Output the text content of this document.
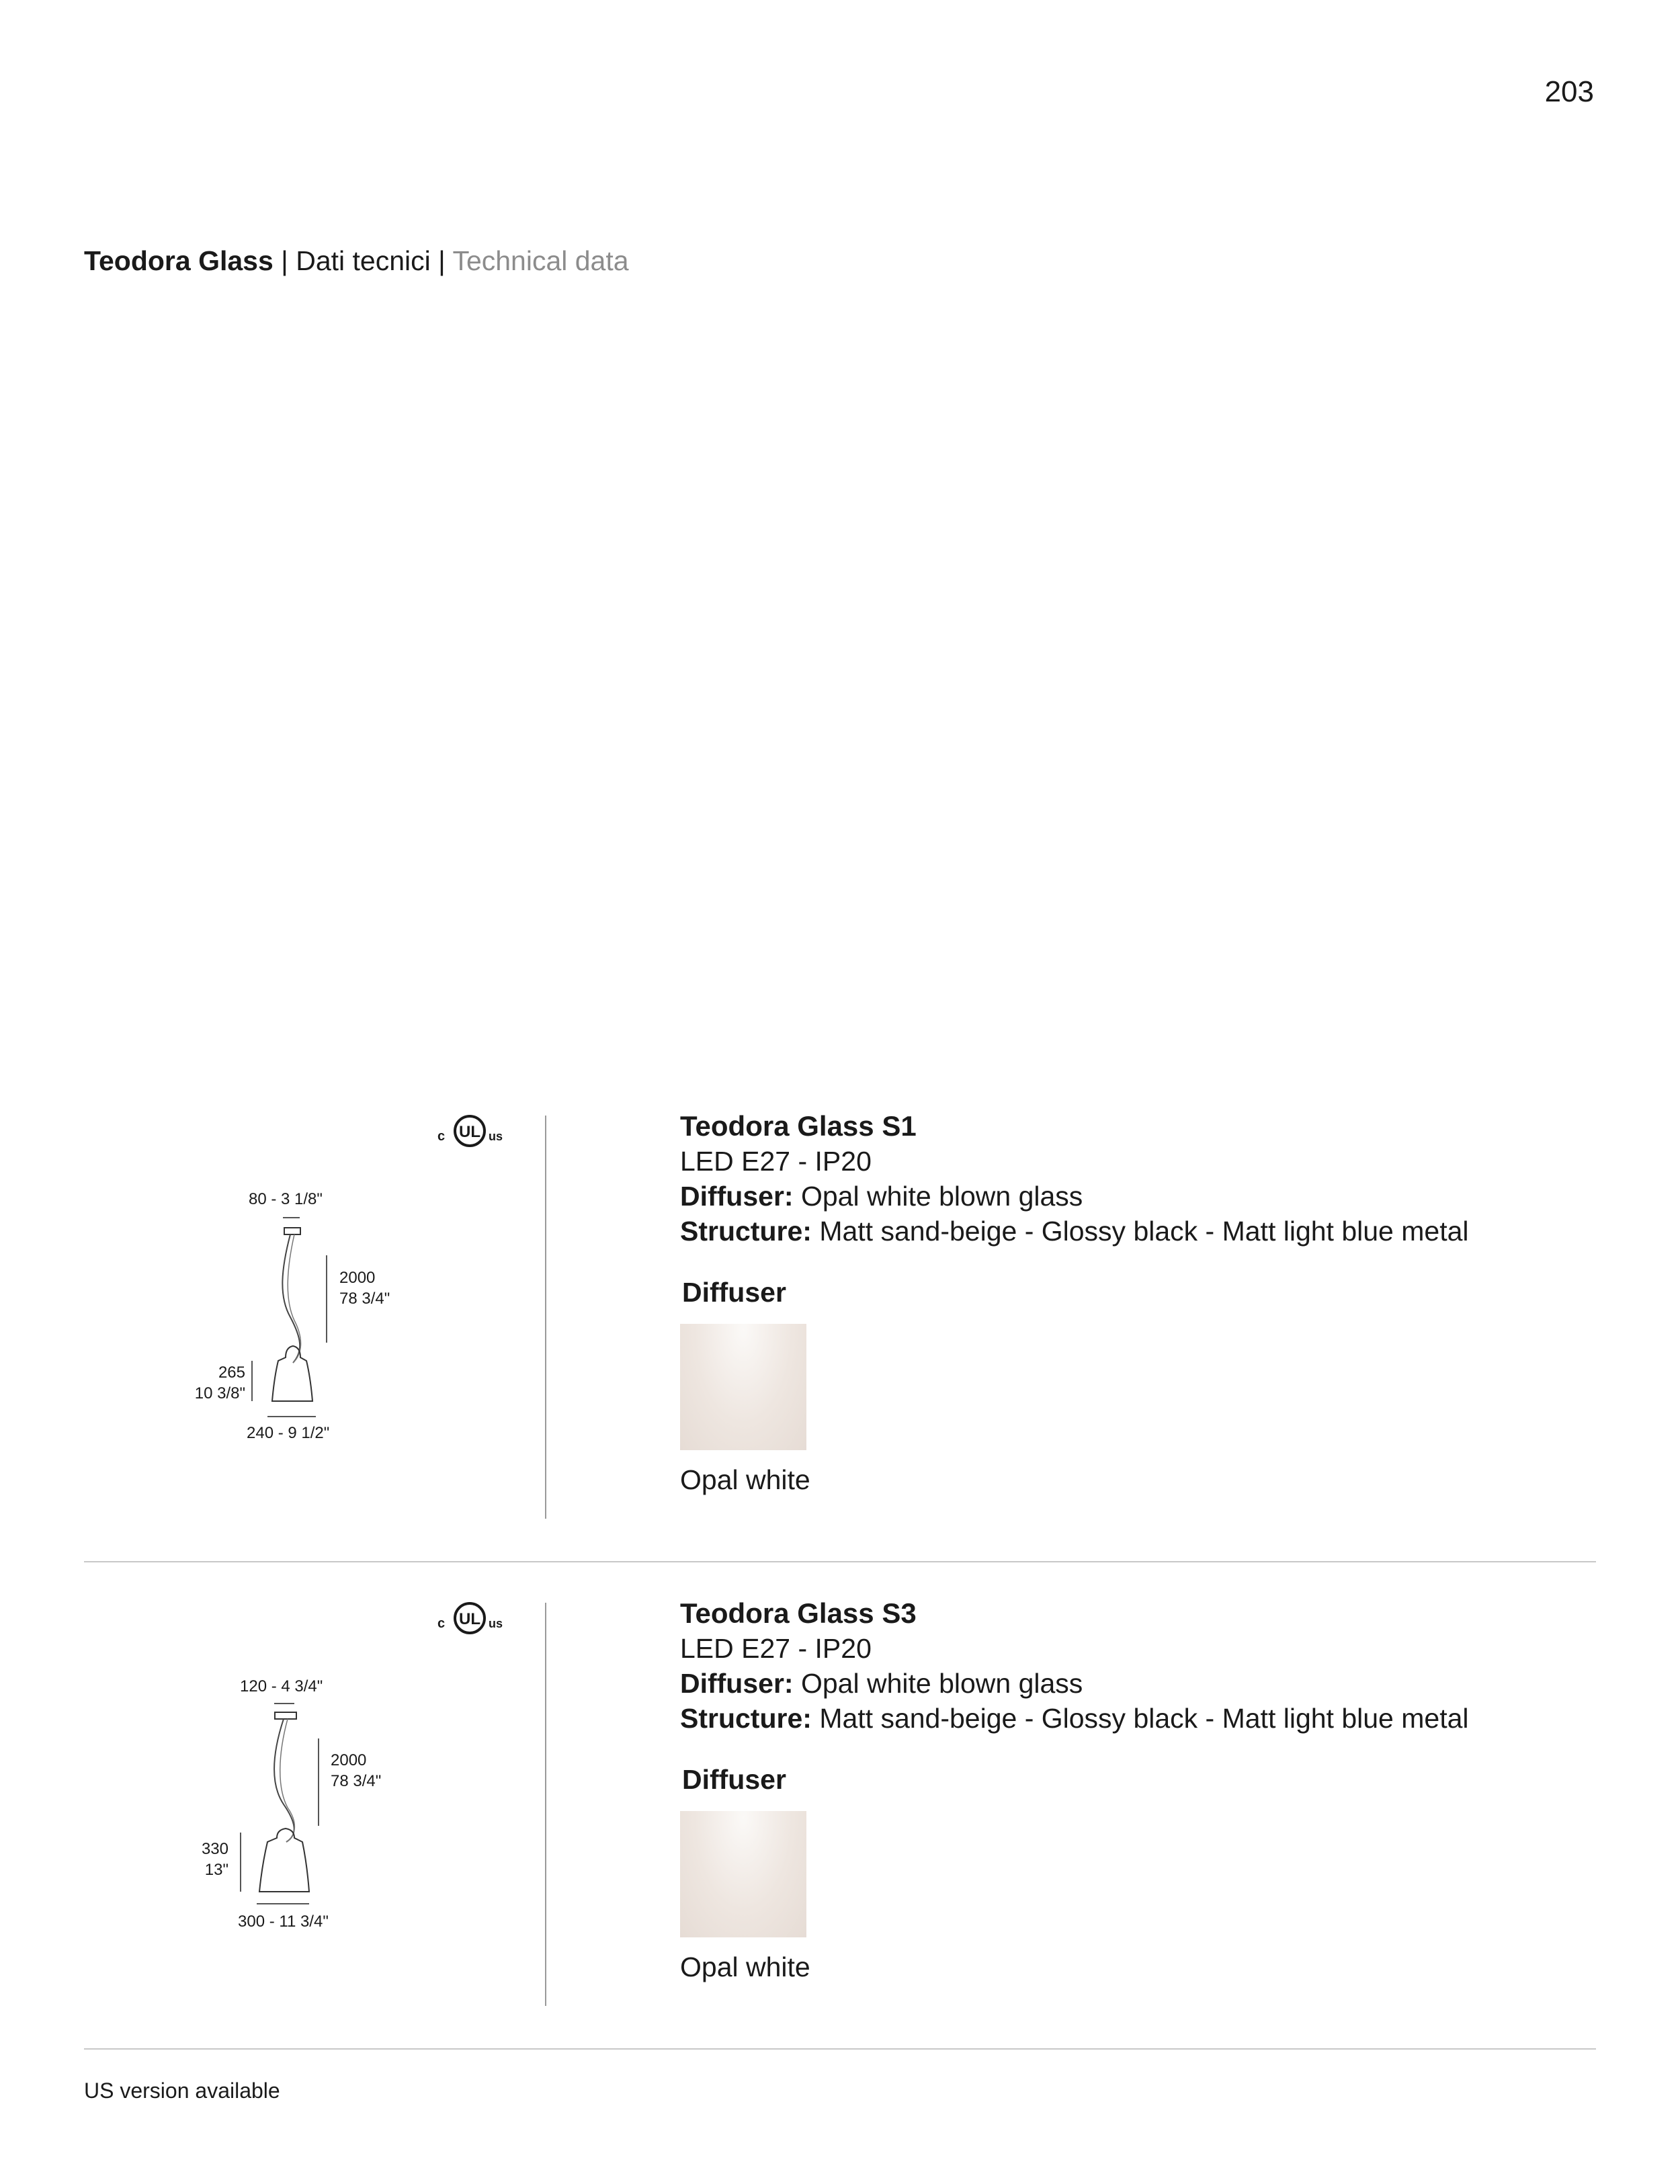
203
Teodora Glass | Dati tecnici | Technical data
c UL us
80 - 3 1/8"
2000
78 3/4"
265
10 3/8"
240 - 9 1/2"
Teodora Glass S1
LED E27 - IP20
Diffuser: Opal white blown glass
Structure: Matt sand-beige - Glossy black - Matt light blue metal
Diffuser
Opal white
c UL us
120 - 4 3/4"
2000
78 3/4"
330
13"
300 - 11 3/4"
Teodora Glass S3
LED E27 - IP20
Diffuser: Opal white blown glass
Structure: Matt sand-beige - Glossy black - Matt light blue metal
Diffuser
Opal white
US version available
